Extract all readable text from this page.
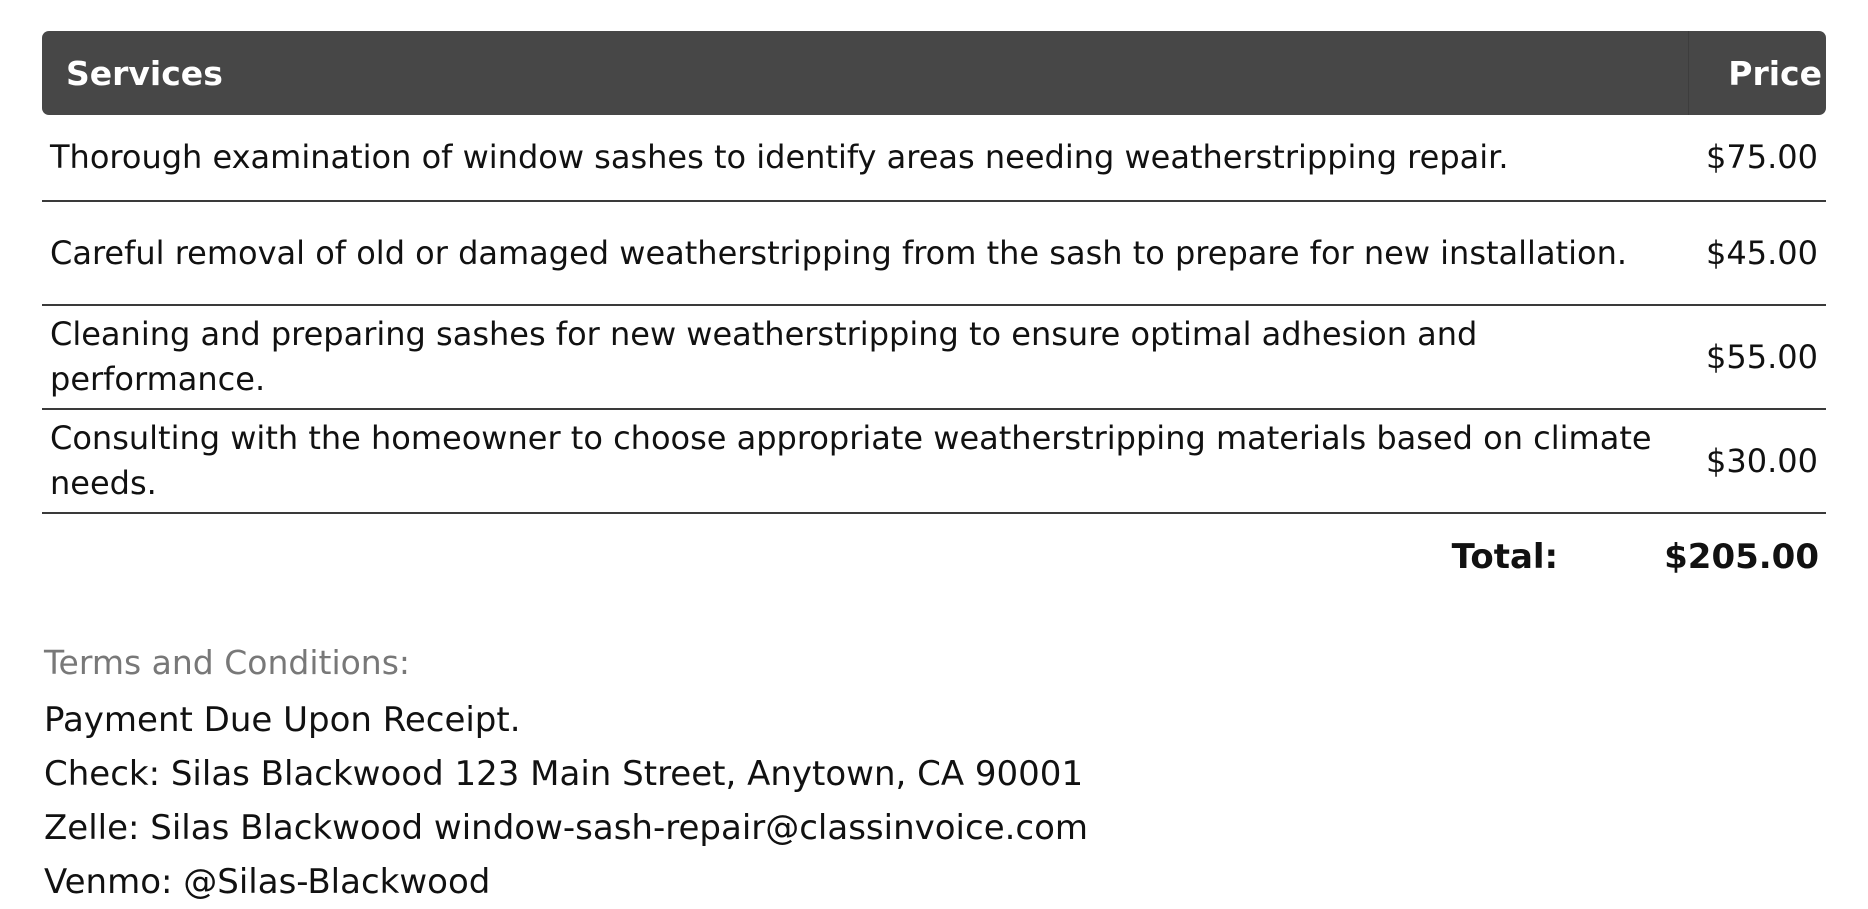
Services	Price
Thorough examination of window sashes to identify areas needing weatherstripping repair.	$75.00
Careful removal of old or damaged weatherstripping from the sash to prepare for new installation.	$45.00
Cleaning and preparing sashes for new weatherstripping to ensure optimal adhesion and performance.	$55.00
Consulting with the homeowner to choose appropriate weatherstripping materials based on climate needs.	$30.00
Total:	$205.00
Terms and Conditions:
Payment Due Upon Receipt.
Check: Silas Blackwood 123 Main Street, Anytown, CA 90001
Zelle: Silas Blackwood window-sash-repair@classinvoice.com
Venmo: @Silas-Blackwood
